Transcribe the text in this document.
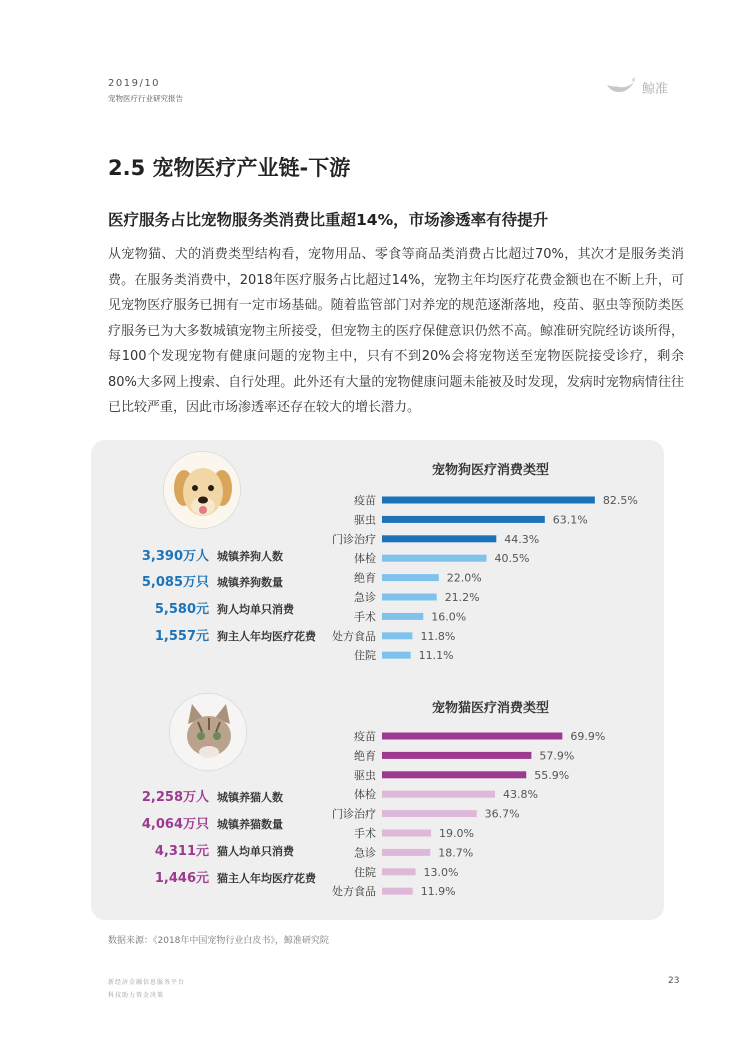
2019/10
宠物医疗行业研究报告
鲸准
2.5 宠物医疗产业链-下游
医疗服务占比宠物服务类消费比重超14%，市场渗透率有待提升
从宠物猫、犬的消费类型结构看，宠物用品、零食等商品类消费占比超过70%，其次才是服务类消费。在服务类消费中，2018年医疗服务占比超过14%，宠物主年均医疗花费金额也在不断上升，可见宠物医疗服务已拥有一定市场基础。随着监管部门对养宠的规范逐渐落地，疫苗、驱虫等预防类医疗服务已为大多数城镇宠物主所接受，但宠物主的医疗保健意识仍然不高。鲸准研究院经访谈所得，每100个发现宠物有健康问题的宠物主中，只有不到20%会将宠物送至宠物医院接受诊疗，剩余80%大多网上搜索、自行处理。此外还有大量的宠物健康问题未能被及时发现，发病时宠物病情往往已比较严重，因此市场渗透率还存在较大的增长潜力。
3,390万人 城镇养狗人数
5,085万只 城镇养狗数量
5,580元 狗人均单只消费
1,557元 狗主人年均医疗花费
2,258万人 城镇养猫人数
4,064万只 城镇养猫数量
4,311元 猫人均单只消费
1,446元 猫主人年均医疗花费
宠物狗医疗消费类型
宠物猫医疗消费类型
疫苗	82.5%
驱虫	63.1%
门诊治疗	44.3%
体检	40.5%
绝育	22.0%
急诊	21.2%
手术	16.0%
处方食品	11.8%
住院	11.1%
疫苗	69.9%
绝育	57.9%
驱虫	55.9%
体检	43.8%
门诊治疗	36.7%
手术	19.0%
急诊	18.7%
住院	13.0%
处方食品	11.9%
数据来源：《2018年中国宠物行业白皮书》，鲸准研究院
新经济金融信息服务平台
科技助力资金决策
23
